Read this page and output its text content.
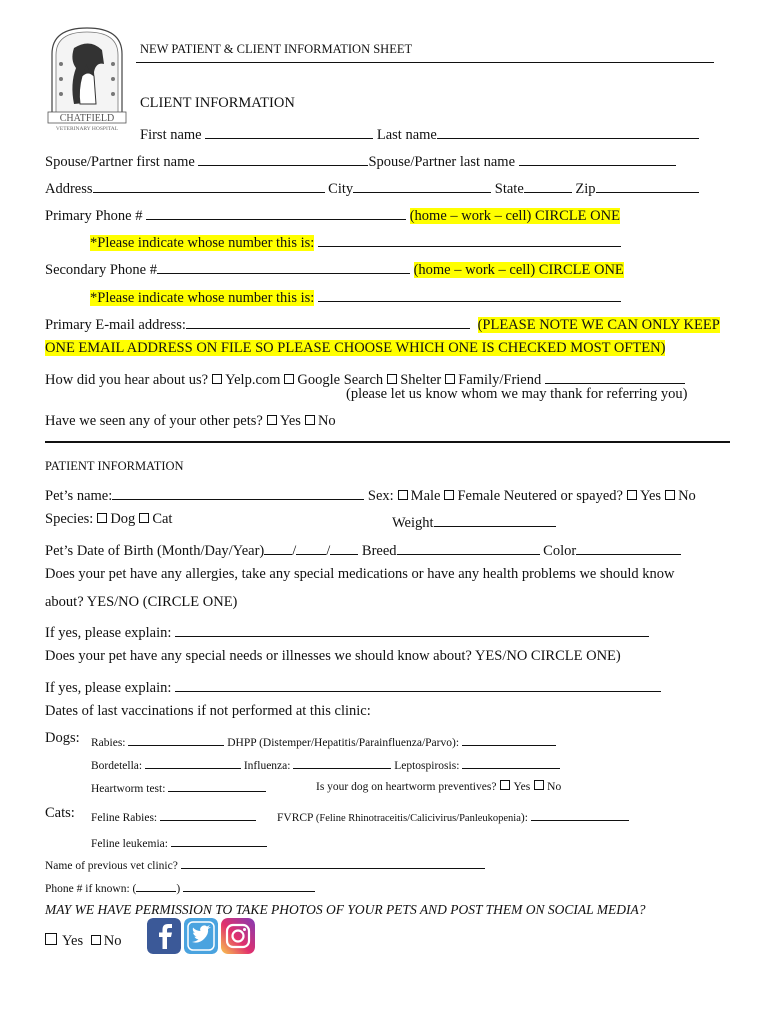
CHATFIELD
VETERINARY HOSPITAL
NEW PATIENT & CLIENT INFORMATION SHEET
CLIENT INFORMATION
First name	Last name
Spouse/Partner first name	Spouse/Partner last name
Address	City	State	Zip
Primary Phone #	(home – work – cell) CIRCLE ONE
*Please indicate whose number this is:
Secondary Phone #	(home – work – cell) CIRCLE ONE
*Please indicate whose number this is:
Primary E-mail address:	(PLEASE NOTE WE CAN ONLY KEEP
ONE EMAIL ADDRESS ON FILE SO PLEASE CHOOSE WHICH ONE IS CHECKED MOST OFTEN)
How did you hear about us? Yelp.com Google Search Shelter Family/Friend
(please let us know whom we may thank for referring you)
Have we seen any of your other pets? Yes No
PATIENT INFORMATION
Pet’s name:	Sex: Male Female Neutered or spayed? Yes No
Species: Dog Cat	Weight
Pet’s Date of Birth (Month/Day/Year) / / Breed	Color
Does your pet have any allergies, take any special medications or have any health problems we should know
about? YES/NO (CIRCLE ONE)
If yes, please explain:
Does your pet have any special needs or illnesses we should know about? YES/NO CIRCLE ONE)
If yes, please explain:
Dates of last vaccinations if not performed at this clinic:
Dogs: Rabies:	DHPP (Distemper/Hepatitis/Parainfluenza/Parvo):
Bordetella:	Influenza:	Leptospirosis:
Heartworm test:	Is your dog on heartworm preventives? Yes No
Cats: Feline Rabies:	FVRCP (Feline Rhinotraceitis/Calicivirus/Panleukopenia):
Feline leukemia:
Name of previous vet clinic?
Phone # if known: (	)
MAY WE HAVE PERMISSION TO TAKE PHOTOS OF YOUR PETS AND POST THEM ON SOCIAL MEDIA?
Yes No
